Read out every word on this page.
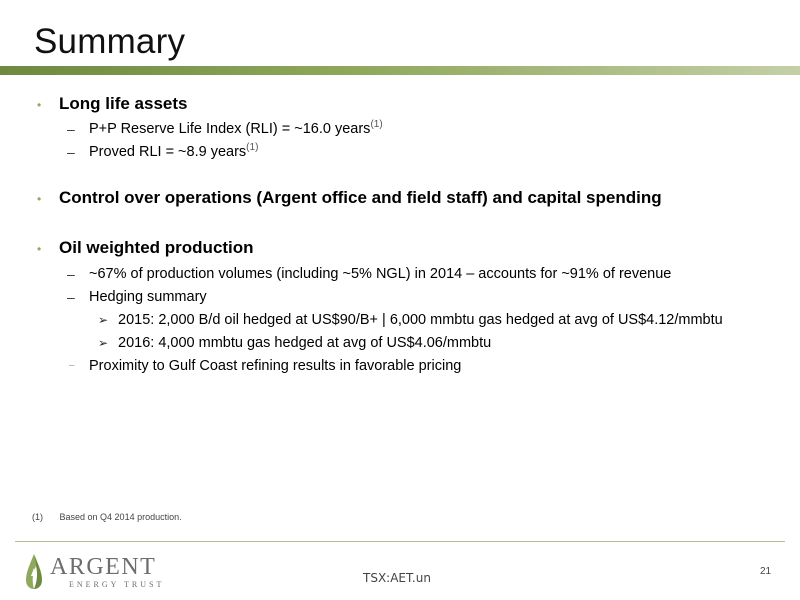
Summary
• Long life assets
– P+P Reserve Life Index (RLI) = ~16.0 years$^{(1)}$
– Proved RLI = ~8.9 years$^{(1)}$
• Control over operations (Argent office and field staff) and capital spending
• Oil weighted production
– ~67% of production volumes (including ~5% NGL) in 2014 – accounts for ~91% of revenue
– Hedging summary
➢ 2015: 2,000 B/d oil hedged at US$90/B+ | 6,000 mmbtu gas hedged at avg of US$4.12/mmbtu
➢ 2016: 4,000 mmbtu gas hedged at avg of US$4.06/mmbtu
– Proximity to Gulf Coast refining results in favorable pricing
(1) Based on Q4 2014 production.
ARGENT
ENERGY TRUST	TSX:AET.un	21
